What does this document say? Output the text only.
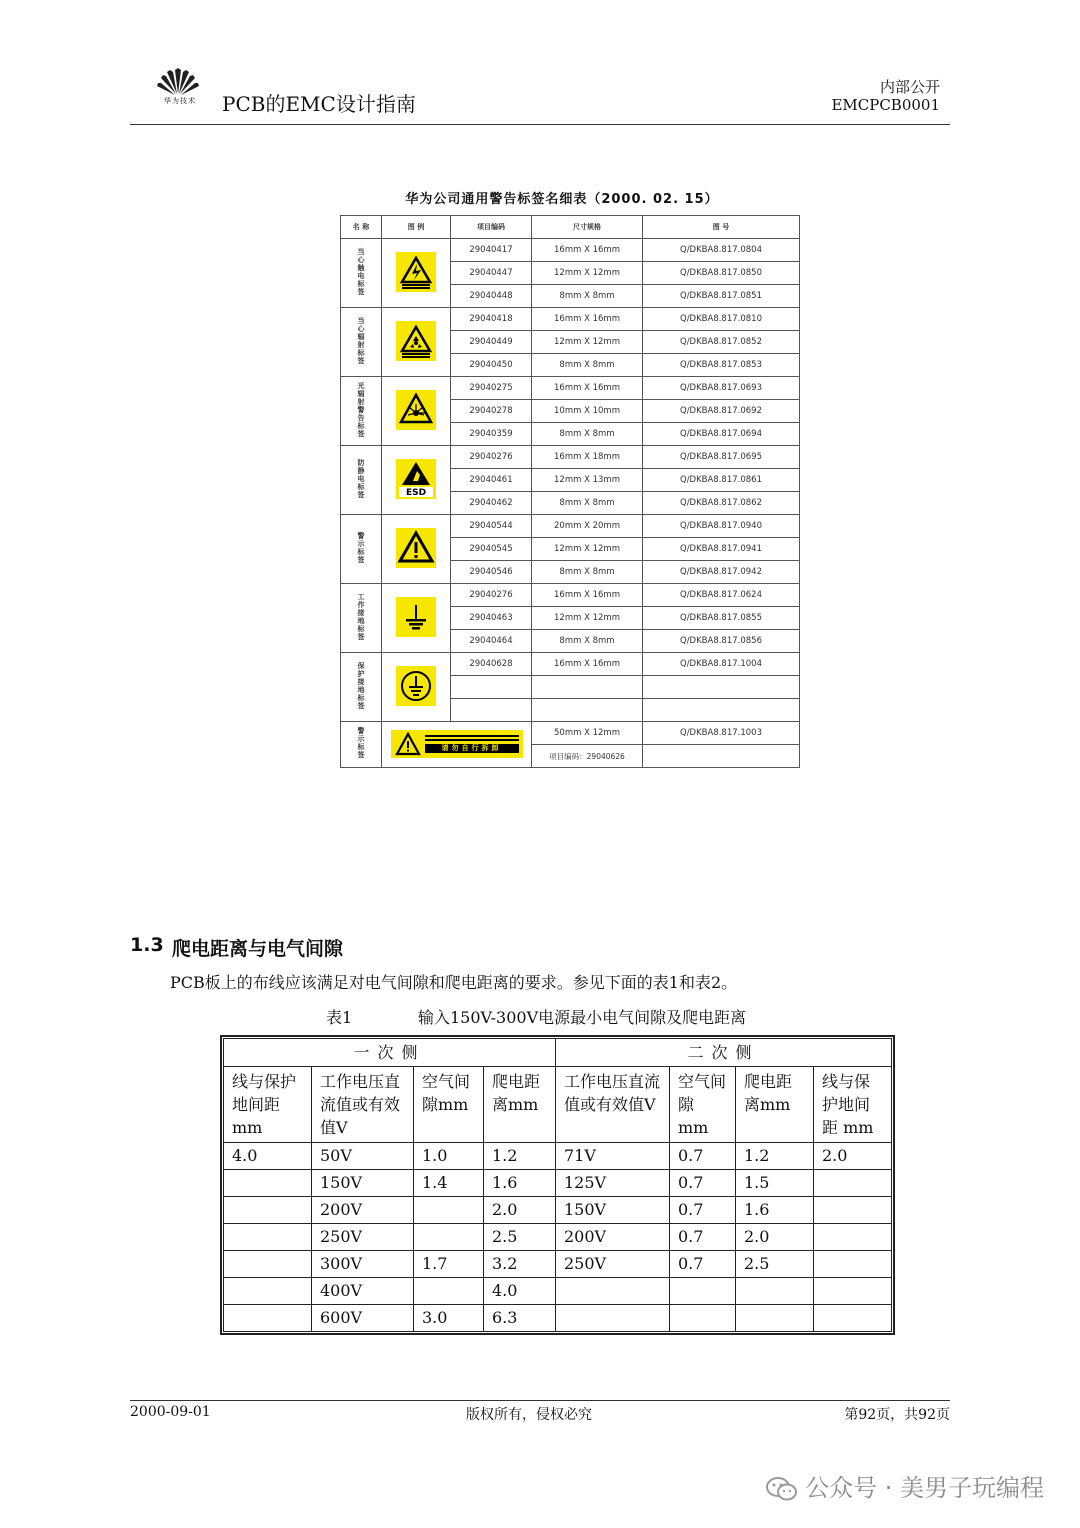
华为技术 PCB的EMC设计指南
内部公开
EMCPCB0001
华为公司通用警告标签名细表（2000. 02. 15）
名 称	图 例	项目编码	尺寸规格	图 号
当心触电标签		29040417	16mm X 16mm	Q/DKBA8.817.0804
		29040447	12mm X 12mm	Q/DKBA8.817.0850
		29040448	8mm X 8mm	Q/DKBA8.817.0851
当心辐射标签		29040418	16mm X 16mm	Q/DKBA8.817.0810
		29040449	12mm X 12mm	Q/DKBA8.817.0852
		29040450	8mm X 8mm	Q/DKBA8.817.0853
光辐射警告标签		29040275	16mm X 16mm	Q/DKBA8.817.0693
		29040278	10mm X 10mm	Q/DKBA8.817.0692
		29040359	8mm X 8mm	Q/DKBA8.817.0694
防静电标签	ESD	29040276	16mm X 18mm	Q/DKBA8.817.0695
		29040461	12mm X 13mm	Q/DKBA8.817.0861
		29040462	8mm X 8mm	Q/DKBA8.817.0862
警示标签		29040544	20mm X 20mm	Q/DKBA8.817.0940
		29040545	12mm X 12mm	Q/DKBA8.817.0941
		29040546	8mm X 8mm	Q/DKBA8.817.0942
工作接地标签		29040276	16mm X 16mm	Q/DKBA8.817.0624
		29040463	12mm X 12mm	Q/DKBA8.817.0855
		29040464	8mm X 8mm	Q/DKBA8.817.0856
保护接地标签		29040628	16mm X 16mm	Q/DKBA8.817.1004

警示标签	请勿自行拆卸		50mm X 12mm	Q/DKBA8.817.1003
			项目编码：29040626	
1.3 爬电距离与电气间隙
PCB板上的布线应该满足对电气间隙和爬电距离的要求。参见下面的表1和表2。
表1	输入150V-300V电源最小电气间隙及爬电距离
一次侧				二次侧			
线与保护地间距 mm	工作电压直流值或有效值V	空气间隙mm	爬电距离mm	工作电压直流值或有效值V	空气间隙 mm	爬电距离mm	线与保护地间距 mm
4.0	50V	1.0	1.2	71V	0.7	1.2	2.0
	150V	1.4	1.6	125V	0.7	1.5	
	200V		2.0	150V	0.7	1.6	
	250V		2.5	200V	0.7	2.0	
	300V	1.7	3.2	250V	0.7	2.5	
	400V		4.0				
	600V	3.0	6.3				
2000-09-01	版权所有，侵权必究	第92页，共92页
公众号 · 美男子玩编程
